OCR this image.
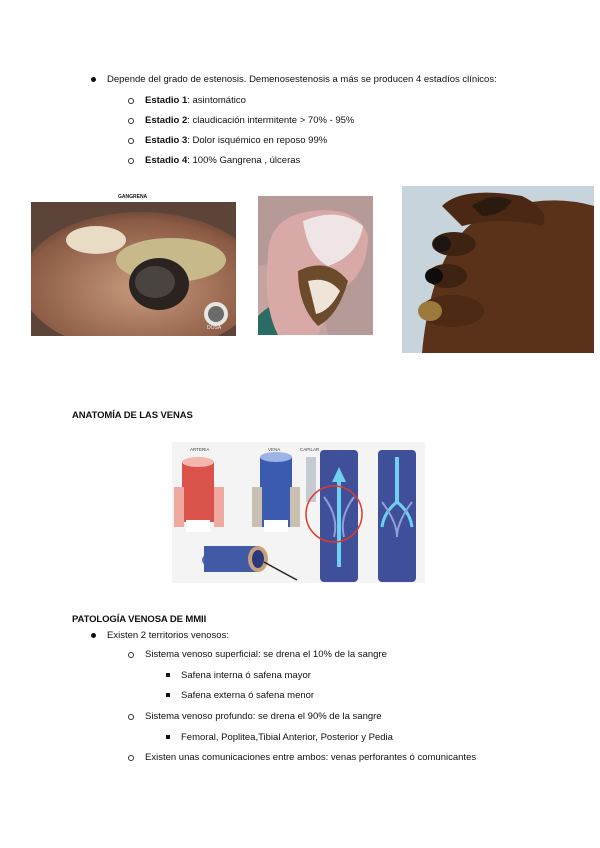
Depende del grado de estenosis. Demenosestenosis a más se producen 4 estadíos clínicos:
Estadio 1: asintomático
Estadio 2: claudicación intermitente > 70% - 95%
Estadio 3: Dolor isquémico en reposo 99%
Estadio 4: 100% Gangrena , úlceras
GANGRENA
DOSA
ANATOMÍA DE LAS VENAS
ARTERIA	VENA	CAPILAR
PATOLOGÍA VENOSA DE MMII
Existen 2 territorios venosos:
Sistema venoso superficial: se drena el 10% de la sangre
Safena interna ó safena mayor
Safena externa ó safena menor
Sistema venoso profundo: se drena el 90% de la sangre
Femoral, Poplitea,Tibial Anterior, Posterior y Pedia
Existen unas comunicaciones entre ambos: venas perforantes ó comunicantes
